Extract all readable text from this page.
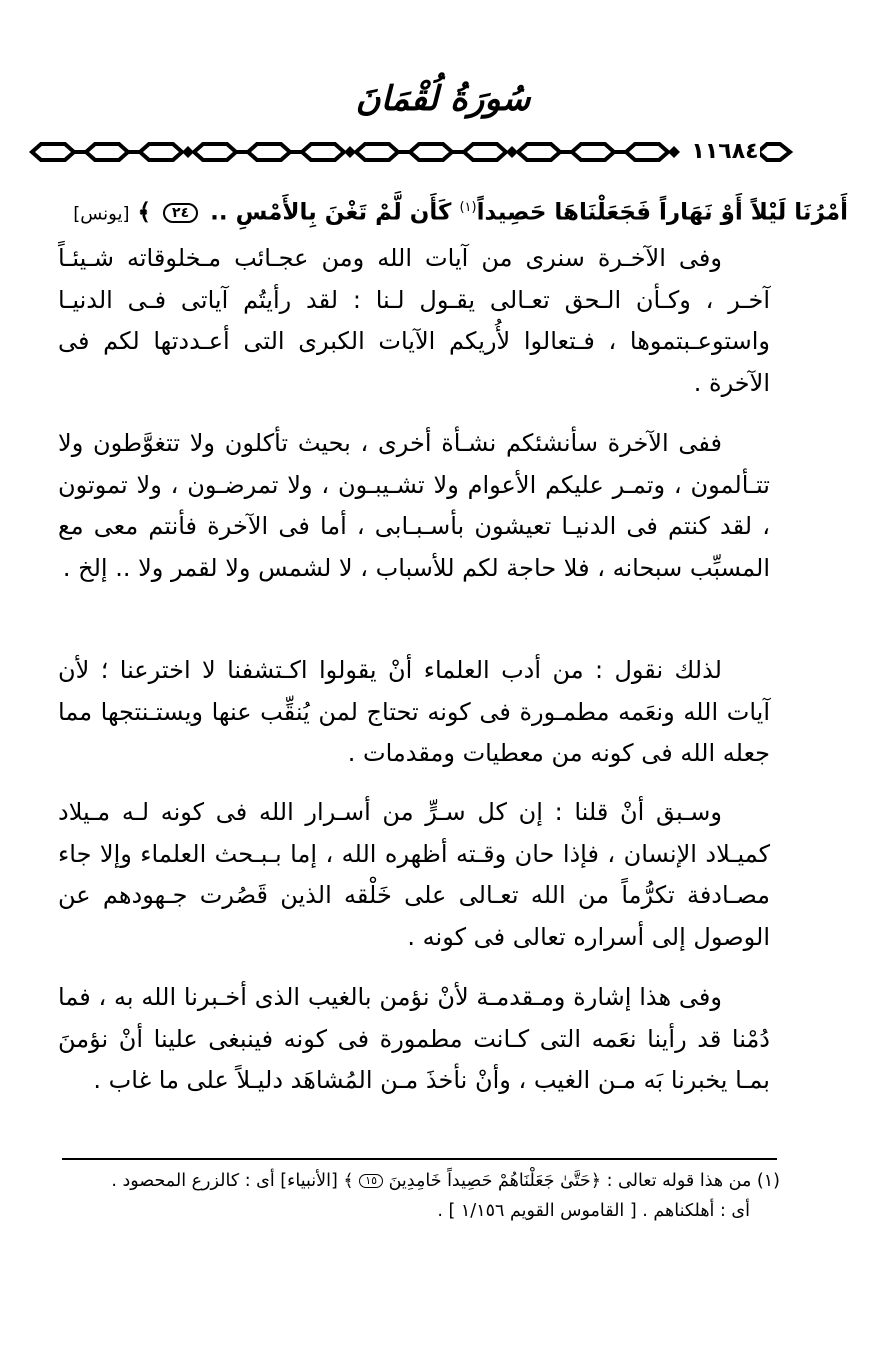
سُورَةُ لُقْمَانَ
١١٦٨٤
أَمْرُنَا لَيْلاً أَوْ نَهَاراً فَجَعَلْنَاهَا حَصِيداً$^{(١)}$ كَأَن لَّمْ تَغْنَ بِالأَمْسِ .. ٢٤ ﴾ [يونس]

وفى الآخـرة سنرى من آيات الله ومن عجـائب مـخلوقاته شـيئـاً آخـر ، وكـأن الـحق تعـالى يقـول لـنا : لقد رأيتُم آياتى فـى الدنيـا واستوعـبتموها ، فـتعالوا لأُريكم الآيات الكبرى التى أعـددتها لكم فى الآخرة .

ففى الآخرة سأنشئكم نشـأة أخرى ، بحيث تأكلون ولا تتغوَّطون ولا تتـألمون ، وتمـر عليكم الأعوام ولا تشـيبـون ، ولا تمرضـون ، ولا تموتون ، لقد كنتم فى الدنيـا تعيشون بأسـبـابى ، أما فى الآخرة فأنتم معى مع المسبِّب سبحانه ، فلا حاجة لكم للأسباب ، لا لشمس ولا لقمر ولا .. إلخ .

لذلك نقول : من أدب العلماء أنْ يقولوا اكـتشفنا لا اخترعنا ؛ لأن آيات الله ونعَمه مطمـورة فى كونه تحتاج لمن يُنقِّب عنها ويستـنتجها مما جعله الله فى كونه من معطيات ومقدمات .

وسـبق أنْ قلنا : إن كل سـرٍّ من أسـرار الله فى كونه لـه مـيلاد كميـلاد الإنسان ، فإذا حان وقـته أظهره الله ، إما بـبـحث العلماء وإلا جاء مصـادفة تكرُّماً من الله تعـالى على خَلْقه الذين قَصُرت جـهودهم عن الوصول إلى أسراره تعالى فى كونه .

وفى هذا إشارة ومـقدمـة لأنْ نؤمن بالغيب الذى أخـبرنا الله به ، فما دُمْنا قد رأينا نعَمه التى كـانت مطمورة فى كونه فينبغى علينا أنْ نؤمنَ بمـا يخبرنا بَه مـن الغيب ، وأنْ نأخذَ مـن المُشاهَد دليـلاً على ما غاب .

(١) من هذا قوله تعالى : ﴿حَتَّىٰ جَعَلْنَاهُمْ حَصِيداً خَامِدِينَ ١٥ ﴾ [الأنبياء] أى : كالزرع المحصود .
أى : أهلكناهم . [ القاموس القويم ١/١٥٦ ] .
